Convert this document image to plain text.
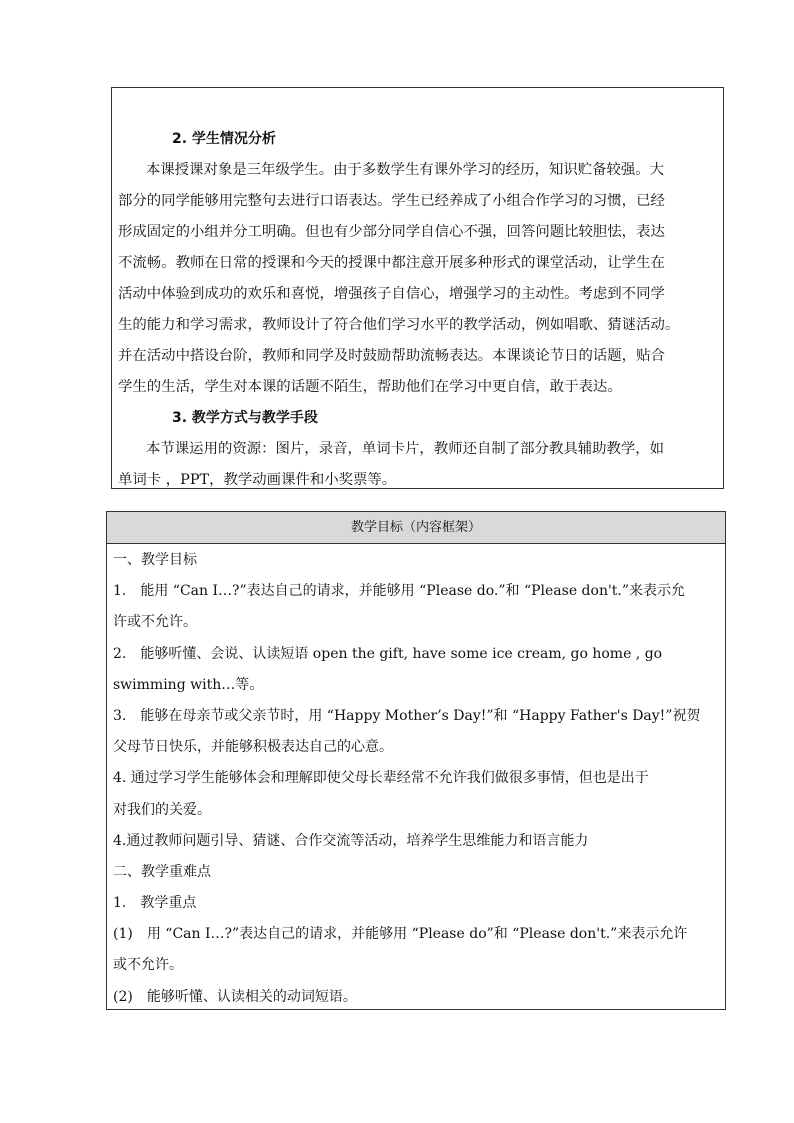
2. 学生情况分析
本课授课对象是三年级学生。由于多数学生有课外学习的经历，知识贮备较强。大
部分的同学能够用完整句去进行口语表达。学生已经养成了小组合作学习的习惯，已经
形成固定的小组并分工明确。但也有少部分同学自信心不强，回答问题比较胆怯，表达
不流畅。教师在日常的授课和今天的授课中都注意开展多种形式的课堂活动，让学生在
活动中体验到成功的欢乐和喜悦，增强孩子自信心，增强学习的主动性。考虑到不同学
生的能力和学习需求，教师设计了符合他们学习水平的教学活动，例如唱歌、猜谜活动。
并在活动中搭设台阶，教师和同学及时鼓励帮助流畅表达。本课谈论节日的话题，贴合
学生的生活，学生对本课的话题不陌生，帮助他们在学习中更自信，敢于表达。
3. 教学方式与教学手段
本节课运用的资源：图片，录音，单词卡片，教师还自制了部分教具辅助教学，如
单词卡 ，PPT，教学动画课件和小奖票等。
教学目标（内容框架）
一、教学目标
1. 能用 “Can I…?”表达自己的请求，并能够用 “Please do.”和 “Please don't.”来表示允
许或不允许。
2. 能够听懂、会说、认读短语 open the gift, have some ice cream, go home , go
swimming with…等。
3. 能够在母亲节或父亲节时，用 “Happy Mother’s Day!”和 “Happy Father's Day!”祝贺
父母节日快乐，并能够积极表达自己的心意。
4. 通过学习学生能够体会和理解即使父母长辈经常不允许我们做很多事情，但也是出于
对我们的关爱。
4.通过教师问题引导、猜谜、合作交流等活动，培养学生思维能力和语言能力
二、教学重难点
1. 教学重点
(1) 用 “Can I…?”表达自己的请求，并能够用 “Please do”和 “Please don't.”来表示允许
或不允许。
(2) 能够听懂、认读相关的动词短语。
